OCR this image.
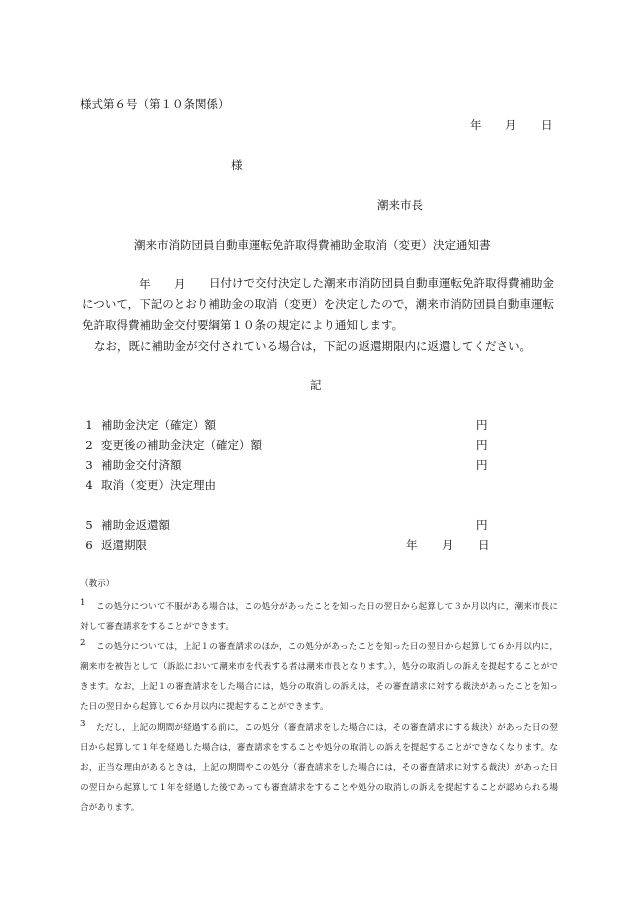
様式第６号（第１０条関係）
年 月 日
様
潮来市長
潮来市消防団員自動車運転免許取得費補助金取消（変更）決定通知書
年 月	日付けで交付決定した潮来市消防団員自動車運転免許取得費補助金について，下記のとおり補助金の取消（変更）を決定したので，潮来市消防団員自動車運転免許取得費補助金交付要綱第１０条の規定により通知します。

なお，既に補助金が交付されている場合は，下記の返還期限内に返還してください。

記
1 補助金決定（確定）額	円
2 変更後の補助金決定（確定）額	円
3 補助金交付済額	円
4 取消（変更）決定理由
5 補助金返還額	円
6 返還期限	年 月 日
（教示）
1	この処分について不服がある場合は，この処分があったことを知った日の翌日から起算して３か月以内に，潮来市長に対して審査請求をすることができます。
2	この処分については，上記１の審査請求のほか，この処分があったことを知った日の翌日から起算して６か月以内に，潮来市を被告として（訴訟において潮来市を代表する者は潮来市長となります。），処分の取消しの訴えを提起することができます。なお，上記１の審査請求をした場合には，処分の取消しの訴えは，その審査請求に対する裁決があったことを知った日の翌日から起算して６か月以内に提起することができます。
3	ただし，上記の期間が経過する前に，この処分（審査請求をした場合には，その審査請求にする裁決）があった日の翌日から起算して１年を経過した場合は，審査請求をすることや処分の取消しの訴えを提起することができなくなります。なお，正当な理由があるときは，上記の期間やこの処分（審査請求をした場合には，その審査請求に対する裁決）があった日の翌日から起算して１年を経過した後であっても審査請求をすることや処分の取消しの訴えを提起することが認められる場合があります。
